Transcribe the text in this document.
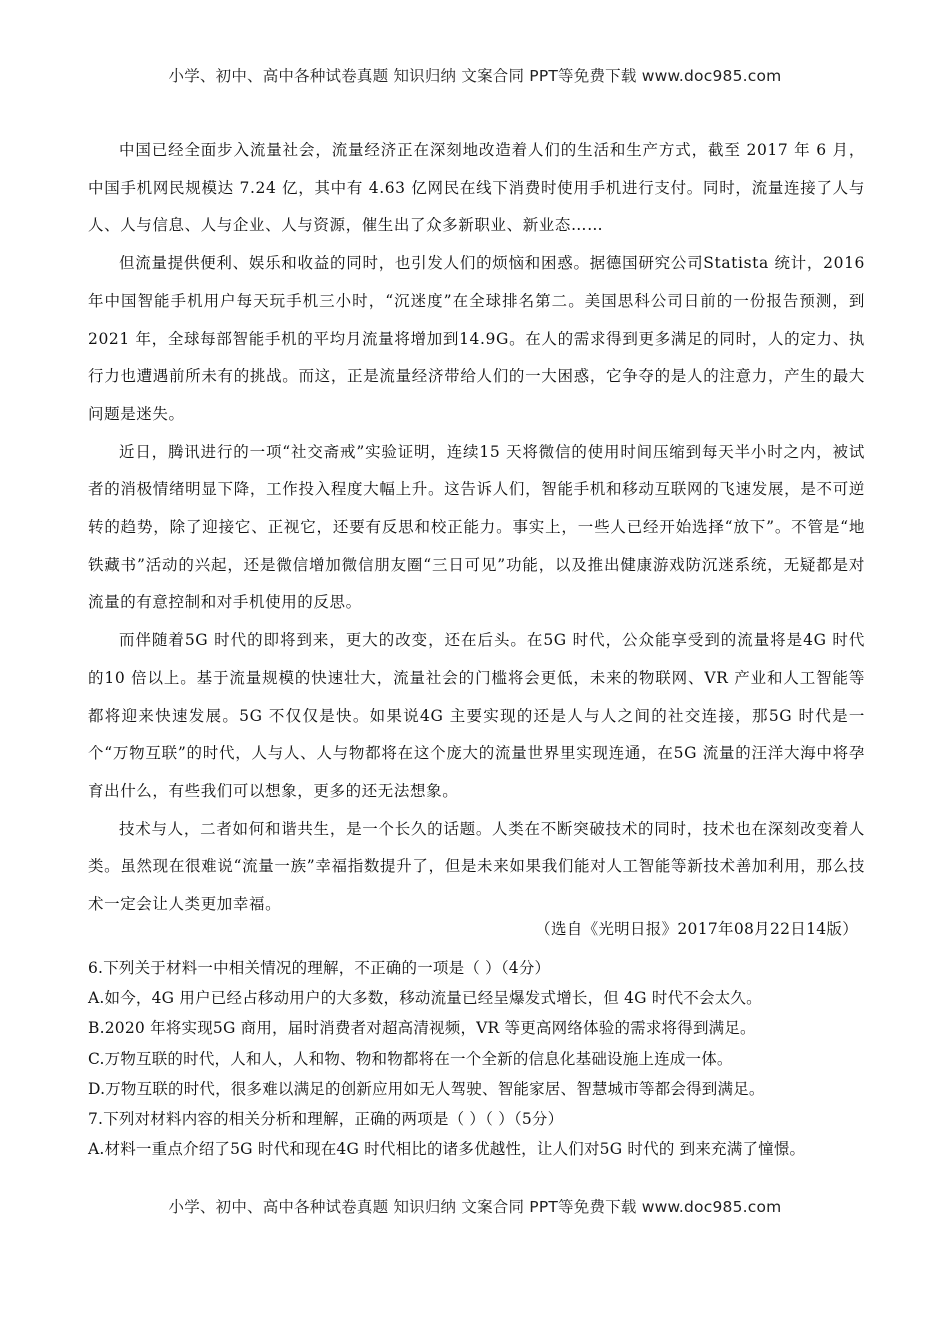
小学、初中、高中各种试卷真题 知识归纳 文案合同 PPT等免费下载 www.doc985.com

中国已经全面步入流量社会，流量经济正在深刻地改造着人们的生活和生产方式，截至 2017 年 6 月，中国手机网民规模达 7.24 亿，其中有 4.63 亿网民在线下消费时使用手机进行支付。同时，流量连接了人与人、人与信息、人与企业、人与资源，催生出了众多新职业、新业态……

但流量提供便利、娱乐和收益的同时，也引发人们的烦恼和困惑。据德国研究公司Statista 统计，2016 年中国智能手机用户每天玩手机三小时，“沉迷度”在全球排名第二。美国思科公司日前的一份报告预测，到 2021 年，全球每部智能手机的平均月流量将增加到14.9G。在人的需求得到更多满足的同时，人的定力、执行力也遭遇前所未有的挑战。而这，正是流量经济带给人们的一大困惑，它争夺的是人的注意力，产生的最大问题是迷失。

近日，腾讯进行的一项“社交斋戒”实验证明，连续15 天将微信的使用时间压缩到每天半小时之内，被试者的消极情绪明显下降，工作投入程度大幅上升。这告诉人们，智能手机和移动互联网的飞速发展，是不可逆转的趋势，除了迎接它、正视它，还要有反思和校正能力。事实上，一些人已经开始选择“放下”。不管是“地铁藏书”活动的兴起，还是微信增加微信朋友圈“三日可见”功能，以及推出健康游戏防沉迷系统，无疑都是对流量的有意控制和对手机使用的反思。

而伴随着5G 时代的即将到来，更大的改变，还在后头。在5G 时代，公众能享受到的流量将是4G 时代的10 倍以上。基于流量规模的快速壮大，流量社会的门槛将会更低，未来的物联网、VR 产业和人工智能等都将迎来快速发展。5G 不仅仅是快。如果说4G 主要实现的还是人与人之间的社交连接，那5G 时代是一个“万物互联”的时代，人与人、人与物都将在这个庞大的流量世界里实现连通，在5G 流量的汪洋大海中将孕育出什么，有些我们可以想象，更多的还无法想象。

技术与人，二者如何和谐共生，是一个长久的话题。人类在不断突破技术的同时，技术也在深刻改变着人类。虽然现在很难说“流量一族”幸福指数提升了，但是未来如果我们能对人工智能等新技术善加利用，那么技术一定会让人类更加幸福。

（选自《光明日报》2017年08月22日14版）
6.下列关于材料一中相关情况的理解，不正确的一项是（ ）（4分）
A.如今，4G 用户已经占移动用户的大多数，移动流量已经呈爆发式增长，但 4G 时代不会太久。
B.2020 年将实现5G 商用，届时消费者对超高清视频，VR 等更高网络体验的需求将得到满足。
C.万物互联的时代，人和人，人和物、物和物都将在一个全新的信息化基础设施上连成一体。
D.万物互联的时代，很多难以满足的创新应用如无人驾驶、智能家居、智慧城市等都会得到满足。
7.下列对材料内容的相关分析和理解，正确的两项是（ ）（ ）（5分）
A.材料一重点介绍了5G 时代和现在4G 时代相比的诸多优越性，让人们对5G 时代的 到来充满了憧憬。
小学、初中、高中各种试卷真题 知识归纳 文案合同 PPT等免费下载 www.doc985.com
